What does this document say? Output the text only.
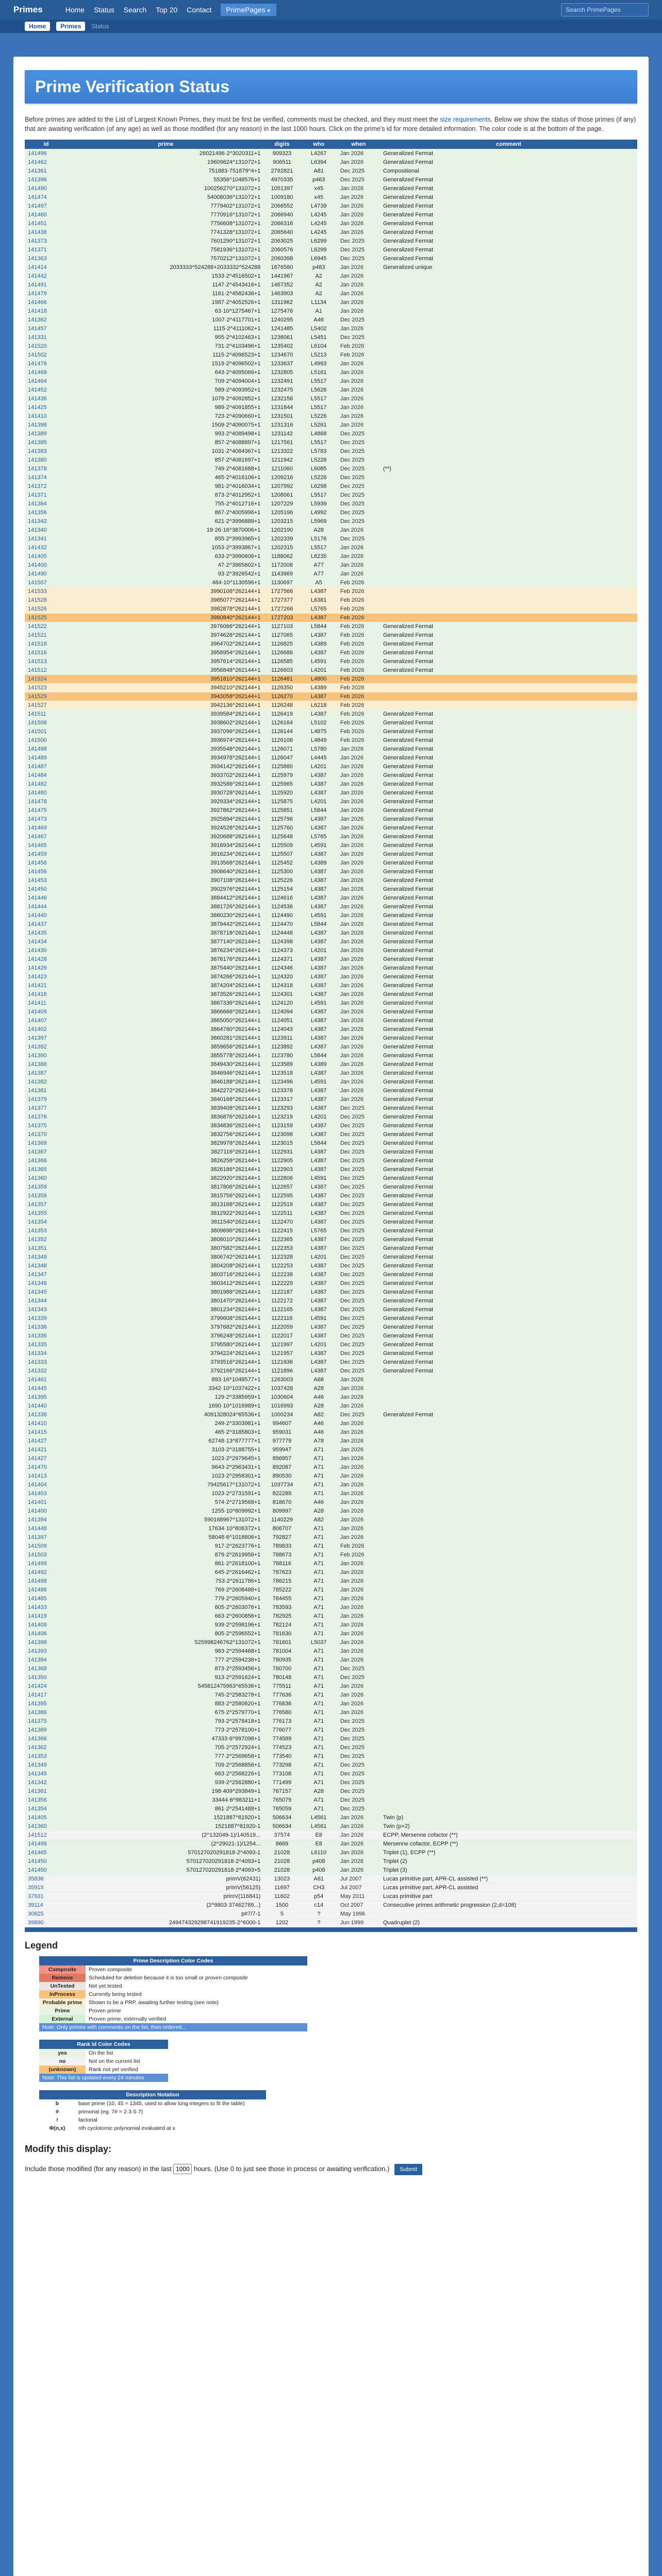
Primes	Home Status Search Top 20 Contact	PrimePages ▼
Search PrimePages
Home	Primes	Status
Prime Verification Status

Before primes are added to the List of Largest Known Primes, they must be first be verified, comments must be checked, and they must meet the size requirements. Below we show the status of those primes (if any) that are awaiting verification (of any age) as well as those modified (for any reason) in the last 1000 hours. Click on the prime's id for more detailed information. The color code is at the bottom of the page.

id	prime	digits	who	when	comment
141496	26021496·2^3020311+1	909323	L4267	Jan 2026	Generalized Fermat
141462	19609624^131072+1	906511	L6394	Jan 2026	Generalized Fermat
141361	751883·751879^4+1	2792821	A81	Dec 2025	Compositional
141396	55356^1048576+1	4970335	p463	Dec 2025	Generalized Fermat
141490	100256270^131072+1	1051397	x45	Jan 2026	Generalized Fermat
141474	54008036^131072+1	1009180	x45	Jan 2026	Generalized Fermat
141497	7779402^131072+1	2066552	L4739	Jan 2026	Generalized Fermat
141460	7770916^131072+1	2066940	L4245	Jan 2026	Generalized Fermat
141451	7756608^131072+1	2066316	L4245	Jan 2026	Generalized Fermat
141438	7741328^131072+1	2065640	L4245	Jan 2026	Generalized Fermat
141373	7601290^131072+1	2063025	L6299	Dec 2025	Generalized Fermat
141371	7581936^131072+1	2060576	L6299	Dec 2025	Generalized Fermat
141363	7570212^131072+1	2060398	L6945	Dec 2025	Generalized Fermat
141414	2033333^524288+2033332^524288	1676580	p483	Jan 2026	Generalized unique
141442	1533·2^4516502+1	1441967	A2	Jan 2026	
141491	1147·2^4543416+1	1467352	A2	Jan 2026	
141479	1161·2^4582436+1	1463903	A2	Jan 2026	
141466	1987·2^4052526+1	1311962	L1134	Jan 2026	
141418	63·10^1275467+1	1275476	A1	Jan 2026	
141362	1007·2^4117701+1	1240295	A46	Dec 2025	
141457	1115·2^4111062+1	1241485	L5402	Jan 2026	
141331	955·2^4102463+1	1236061	L5451	Dec 2025	
141520	731·2^4103496+1	1235402	L6104	Feb 2026	
141502	1115·2^4096523+1	1234670	L5213	Feb 2026	
141476	1519·2^4096502+1	1233637	L4993	Jan 2026	
141468	643·2^4095066+1	1232805	L5161	Jan 2026	
141464	709·2^4094004+1	1232491	L5517	Jan 2026	
141452	589·2^4093952+1	1232475	L5626	Jan 2026	
141436	1079·2^4092852+1	1232156	L5517	Jan 2026	
141425	989·2^4091855+1	1231844	L5517	Jan 2026	
141410	723·2^4090660+1	1231501	L5226	Jan 2026	
141398	1509·2^4090075+1	1231316	L5261	Jan 2026	
141389	993·2^4089498+1	1231142	L4868	Dec 2025	
141385	857·2^4088897+1	1217561	L5517	Dec 2025	
141383	1031·2^4084367+1	1213322	L5783	Dec 2025	
141380	857·2^4081697+1	1211942	L5226	Dec 2025	
141378	749·2^4081688+1	1211060	L6085	Dec 2025	(**)
141374	465·2^4016106+1	1209216	L5226	Dec 2025	
141372	981·2^4016034+1	1207992	L6298	Dec 2025	
141371	873·2^4012952+1	1208061	L5517	Dec 2025	
141364	755·2^4012716+1	1207229	L5939	Dec 2025	
141356	867·2^4005996+1	1205196	L4992	Dec 2025	
141342	621·2^3996888+1	1203215	L5969	Dec 2025	
141340	19·26·16^3870006+1	1202190	A28	Jan 2026	
141341	855·2^3993965+1	1202339	L5176	Dec 2025	
141432	1053·2^3993867+1	1202315	L5517	Jan 2026	
141405	633·2^3990606+1	1188062	L6235	Jan 2026	
141400	47·2^3965602+1	1172008	A77	Jan 2026	
141490	93·2^3926542+1	1143969	A77	Jan 2026	
141507	484·10^1130596+1	1130697	A5	Feb 2026	
141533	3990108^262144+1	1727566	L4387	Feb 2026	
141528	3985077^262144+1	1727377	L6381	Feb 2026	
141526	3982878^262144+1	1727266	L5765	Feb 2026	
141525	3980840^262144+1	1727203	L4387	Feb 2026	
141522	3976066^262144+1	1127103	L5844	Feb 2026	Generalized Fermat
141521	3974628^262144+1	1127065	L4387	Feb 2026	Generalized Fermat
141518	3964702^262144+1	1126825	L4389	Feb 2026	Generalized Fermat
141516	3958954^262144+1	1126686	L4387	Feb 2026	Generalized Fermat
141513	3957614^262144+1	1126585	L4591	Feb 2026	Generalized Fermat
141512	3956848^262144+1	1126603	L4201	Feb 2026	Generalized Fermat
141524	3951810^262144+1	1126481	L4800	Feb 2026	
141523	3945210^262144+1	1126350	L4389	Feb 2026	
141529	3943058^262144+1	1126270	L4387	Feb 2026	
141527	3942136^262144+1	1126248	L6218	Feb 2026	
141511	3939584^262144+1	1126419	L4387	Feb 2026	Generalized Fermat
141508	3938602^262144+1	1126164	L5102	Feb 2026	Generalized Fermat
141501	3937096^262144+1	1126144	L4875	Feb 2026	Generalized Fermat
141500	3936974^262144+1	1126108	L4849	Feb 2026	Generalized Fermat
141498	3935548^262144+1	1126071	L5780	Jan 2026	Generalized Fermat
141489	3934978^262144+1	1126047	L4445	Jan 2026	Generalized Fermat
141487	3934142^262144+1	1125880	L4201	Jan 2026	Generalized Fermat
141484	3933702^262144+1	1125979	L4387	Jan 2026	Generalized Fermat
141482	3932586^262144+1	1125965	L4387	Jan 2026	Generalized Fermat
141480	3930728^262144+1	1125920	L4387	Jan 2026	Generalized Fermat
141478	3929334^262144+1	1125875	L4201	Jan 2026	Generalized Fermat
141475	3927862^262144+1	1125851	L5844	Jan 2026	Generalized Fermat
141473	3925894^262144+1	1125796	L4387	Jan 2026	Generalized Fermat
141469	3924528^262144+1	1125760	L4387	Jan 2026	Generalized Fermat
141467	3920688^262144+1	1125648	L5765	Jan 2026	Generalized Fermat
141465	3916934^262144+1	1125509	L4591	Jan 2026	Generalized Fermat
141459	3916234^262144+1	1125507	L4387	Jan 2026	Generalized Fermat
141458	3913568^262144+1	1125452	L4389	Jan 2026	Generalized Fermat
141456	3908640^262144+1	1125300	L4387	Jan 2026	Generalized Fermat
141453	3907108^262144+1	1125226	L4387	Jan 2026	Generalized Fermat
141450	3902976^262144+1	1125154	L4387	Jan 2026	Generalized Fermat
141446	3884412^262144+1	1124616	L4387	Jan 2026	Generalized Fermat
141444	3881726^262144+1	1124536	L4387	Jan 2026	Generalized Fermat
141440	3880230^262144+1	1124490	L4591	Jan 2026	Generalized Fermat
141437	3879442^262144+1	1124470	L5844	Jan 2026	Generalized Fermat
141435	3878718^262144+1	1124448	L4387	Jan 2026	Generalized Fermat
141434	3877140^262144+1	1124398	L4387	Jan 2026	Generalized Fermat
141430	3876234^262144+1	1124373	L4201	Jan 2026	Generalized Fermat
141428	3876176^262144+1	1124371	L4387	Jan 2026	Generalized Fermat
141426	3875440^262144+1	1124346	L4387	Jan 2026	Generalized Fermat
141423	3874266^262144+1	1124320	L4387	Jan 2026	Generalized Fermat
141421	3874204^262144+1	1124318	L4387	Jan 2026	Generalized Fermat
141416	3873526^262144+1	1124301	L4387	Jan 2026	Generalized Fermat
141411	3867336^262144+1	1124120	L4591	Jan 2026	Generalized Fermat
141409	3866666^262144+1	1124094	L4387	Jan 2026	Generalized Fermat
141407	3865050^262144+1	1124051	L4387	Jan 2026	Generalized Fermat
141402	3864780^262144+1	1124043	L4387	Jan 2026	Generalized Fermat
141397	3860281^262144+1	1123911	L4387	Jan 2026	Generalized Fermat
141392	3859656^262144+1	1123892	L4387	Jan 2026	Generalized Fermat
141390	3855778^262144+1	1123780	L5844	Jan 2026	Generalized Fermat
141388	3849430^262144+1	1123589	L4389	Jan 2026	Generalized Fermat
141387	3846946^262144+1	1123518	L4387	Jan 2026	Generalized Fermat
141382	3846188^262144+1	1123496	L4591	Jan 2026	Generalized Fermat
141381	3842272^262144+1	1123378	L4387	Jan 2026	Generalized Fermat
141379	3840168^262144+1	1123317	L4387	Jan 2026	Generalized Fermat
141377	3839408^262144+1	1123293	L4387	Dec 2025	Generalized Fermat
141376	3836876^262144+1	1123219	L4201	Dec 2025	Generalized Fermat
141375	3834836^262144+1	1123159	L4387	Dec 2025	Generalized Fermat
141370	3832756^262144+1	1123098	L4387	Dec 2025	Generalized Fermat
141369	3829978^262144+1	1123015	L5844	Dec 2025	Generalized Fermat
141367	3827116^262144+1	1122931	L4387	Dec 2025	Generalized Fermat
141366	3826258^262144+1	1122905	L4387	Dec 2025	Generalized Fermat
141365	3826186^262144+1	1122903	L4387	Dec 2025	Generalized Fermat
141360	3822920^262144+1	1122806	L4591	Dec 2025	Generalized Fermat
141359	3817806^262144+1	1122657	L4387	Dec 2025	Generalized Fermat
141358	3815756^262144+1	1122595	L4387	Dec 2025	Generalized Fermat
141357	3813168^262144+1	1122519	L4387	Dec 2025	Generalized Fermat
141355	3812922^262144+1	1122511	L4387	Dec 2025	Generalized Fermat
141354	3811540^262144+1	1122470	L4387	Dec 2025	Generalized Fermat
141353	3809696^262144+1	1122415	L5765	Dec 2025	Generalized Fermat
141352	3808010^262144+1	1122365	L4387	Dec 2025	Generalized Fermat
141351	3807582^262144+1	1122353	L4387	Dec 2025	Generalized Fermat
141349	3806742^262144+1	1122328	L4201	Dec 2025	Generalized Fermat
141348	3804208^262144+1	1122253	L4387	Dec 2025	Generalized Fermat
141347	3803716^262144+1	1122238	L4387	Dec 2025	Generalized Fermat
141346	3803412^262144+1	1122229	L4387	Dec 2025	Generalized Fermat
141345	3801988^262144+1	1122187	L4387	Dec 2025	Generalized Fermat
141344	3801470^262144+1	1122172	L4387	Dec 2025	Generalized Fermat
141343	3801234^262144+1	1122165	L4387	Dec 2025	Generalized Fermat
141339	3799608^262144+1	1122116	L4591	Dec 2025	Generalized Fermat
141338	3797682^262144+1	1122059	L4387	Dec 2025	Generalized Fermat
141336	3796248^262144+1	1122017	L4387	Dec 2025	Generalized Fermat
141335	3795580^262144+1	1121997	L4201	Dec 2025	Generalized Fermat
141334	3794224^262144+1	1121957	L4387	Dec 2025	Generalized Fermat
141333	3793516^262144+1	1121936	L4387	Dec 2025	Generalized Fermat
141332	3792166^262144+1	1121896	L4387	Dec 2025	Generalized Fermat
141461	893·16^1048577+1	1263003	A68	Jan 2026	
141445	3342·10^1037422+1	1037426	A28	Jan 2026	
141395	129·2^3385959+1	1030604	A46	Jan 2026	
141440	1690·10^1016989+1	1016993	A28	Jan 2026	
141338	4091328024^65536+1	1000234	A82	Dec 2025	Generalized Fermat
141410	249·2^3303981+1	994607	A46	Jan 2026	
141415	465·2^3185803+1	959031	A46	Jan 2026	
141427	62748·13^877777+1	977779	A78	Jan 2026	
141421	3103·2^3188755+1	959947	A71	Jan 2026	
141427	1023·2^2979645+1	896957	A71	Jan 2026	
141470	9643·2^2963431+1	892087	A71	Jan 2026	
141413	1023·2^2958301+1	890530	A71	Jan 2026	
141404	79425617^131072+1	1037734	A71	Jan 2026	
141403	1023·2^2731591+1	822289	A71	Jan 2026	
141401	574·2^2719568+1	818670	A46	Jan 2026	
141400	1255·10^809992+1	809997	A28	Jan 2026	
141394	590168967^131072+1	1140229	A82	Jan 2026	
141448	17634·10^806372+1	806707	A71	Jan 2026	
141397	58048·6^1018806+1	792827	A71	Jan 2026	
141509	917·2^2623776+1	789833	A71	Feb 2026	
141503	879·2^2619956+1	788673	A71	Feb 2026	
141499	861·2^2618100+1	788116	A71	Jan 2026	
141492	645·2^2616462+1	787623	A71	Jan 2026	
141488	753·2^2611786+1	786215	A71	Jan 2026	
141486	769·2^2608488+1	785222	A71	Jan 2026	
141485	779·2^2605940+1	784455	A71	Jan 2026	
141433	605·2^2603076+1	783593	A71	Jan 2026	
141419	663·2^2600856+1	782925	A71	Jan 2026	
141408	939·2^2598196+1	782124	A71	Jan 2026	
141406	805·2^2596552+1	781630	A71	Jan 2026	
141399	525998246762^131072+1	781601	L5037	Jan 2026	
141393	983·2^2594468+1	781004	A71	Jan 2026	
141384	777·2^2594238+1	780935	A71	Jan 2026	
141368	873·2^2593456+1	780700	A71	Dec 2025	
141350	913·2^2591624+1	780148	A71	Dec 2025	
141424	545812475963^65536+1	775511	A71	Jan 2026	
141417	745·2^2583278+1	777636	A71	Jan 2026	
141395	883·2^2580620+1	776836	A71	Jan 2026	
141386	675·2^2579770+1	776580	A71	Jan 2026	
141375	793·2^2578418+1	776173	A71	Dec 2025	
141369	773·2^2578100+1	776077	A71	Dec 2025	
141366	47333·6^997098+1	774589	A71	Dec 2025	
141362	705·2^2572924+1	774523	A71	Dec 2025	
141353	777·2^2569658+1	773540	A71	Dec 2025	
141349	709·2^2568856+1	773298	A71	Dec 2025	
141345	663·2^2568226+1	773108	A71	Dec 2025	
141342	939·2^2562880+1	771499	A71	Dec 2025	
141361	198·409^293849+1	767157	A28	Dec 2025	
141356	33444·6^983211+1	765079	A71	Dec 2025	
141354	861·2^2541488+1	765059	A71	Dec 2025	
141405	1521887^81920+1	506634	L4561	Jan 2026	Twin (p)
141360	1521887^81920-1	506634	L4561	Jan 2026	Twin (p+2)
141512	(2^132049-1)/140519...	37574	E8	Jan 2026	ECPP, Mersenne cofactor (**)
141499	(2^29021-1)/1254...	8669	E8	Jan 2026	Mersenne cofactor, ECPP (**)
141465	570127020291818·2^4093-1	21028	L6110	Jan 2026	Triplet (1), ECPP (**)
141450	570127020291818·2^4093+1	21028	p408	Jan 2026	Triplet (2)
141450	570127020291818·2^4093+5	21028	p408	Jan 2026	Triplet (3)
35836	primV(62431)	13023	A61	Jul 2007	Lucas primitive part, APR-CL assisted (**)
35915	primV(56125)	11697	CH3	Jul 2007	Lucas primitive part, APR-CL assisted
37931	primV(116841)	11602	p54	May 2011	Lucas primitive part
39114	(2^9803·37462789...)	1500	c14	Oct 2007	Consecutive primes arithmetic progression (2,d=108)
30825	p#7/7-1	5	?	May 1996	
39890	249474329298741919235·2^6000-1	1202	?	Jun 1999	Quadruplet (2)
Legend
Prime Description Color Codes	
Composite	Proven composite
Remove	Scheduled for deletion because it is too small or proven composite
UnTested	Not yet tested
InProcess	Currently being tested
Probable prime	Shown to be a PRP, awaiting further testing (see note)
Prime	Proven prime
External	Proven prime, externally verified
Note: Only primes with comments on the list, then ordered...	
Rank Id Color Codes	
yes	On the list
no	Not on the current list
(unknown)	Rank not yet verified
Note: This list is updated every 24 minutes	
Description Notation	
b	base prime (10, 45 = 1345, used to allow long integers to fit the table)
#	primorial (eg. 7# = 2·3·5·7)
!	factorial
Φ(n,x)	nth cyclotomic polynomial evaluated at x
Modify this display:
Include those modified (for any reason) in the last 1000	hours. (Use 0 to just see those in process or awaiting verification.) Submit
